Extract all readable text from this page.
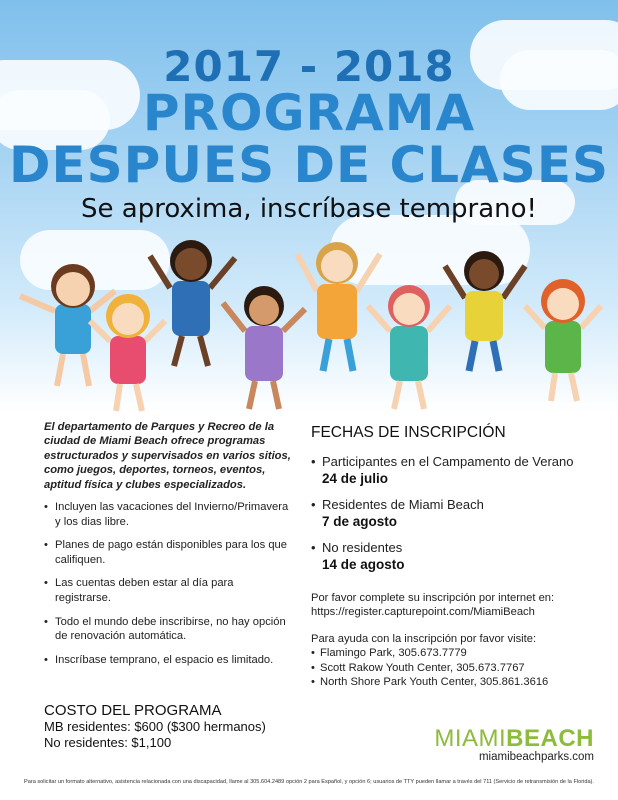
2017 - 2018
PROGRAMA
DESPUES DE CLASES

Se aproxima, inscríbase temprano!

El departamento de Parques y Recreo de la ciudad de Miami Beach ofrece programas estructurados y supervisados en varios sitios, como juegos, deportes, torneos, eventos, aptitud física y clubes especializados.

• Incluyen las vacaciones del Invierno/Primavera y los dias libre.
• Planes de pago están disponibles para los que califiquen.
• Las cuentas deben estar al día para registrarse.
• Todo el mundo debe inscribirse, no hay opción de renovación automática.
• Inscríbase temprano, el espacio es limitado.

COSTO DEL PROGRAMA

MB residentes: $600 ($300 hermanos)

No residentes: $1,100

FECHAS DE INSCRIPCIÓN

• Participantes en el Campamento de Verano
24 de julio
• Residentes de Miami Beach
7 de agosto
• No residentes
14 de agosto

Por favor complete su inscripción por internet en:
https://register.capturepoint.com/MiamiBeach

Para ayuda con la inscripción por favor visite:

• Flamingo Park, 305.673.7779

• Scott Rakow Youth Center, 305.673.7767

• North Shore Park Youth Center, 305.861.3616

MIAMIBEACH
miamibeachparks.com
Para solicitar un formato alternativo, asistencia relacionada con una discapacidad, llame al 305.604.2489 opción 2 para Español, y opción 6; usuarios de TTY pueden llamar a través del 711 (Servicio de retransmisión de la Florida).
